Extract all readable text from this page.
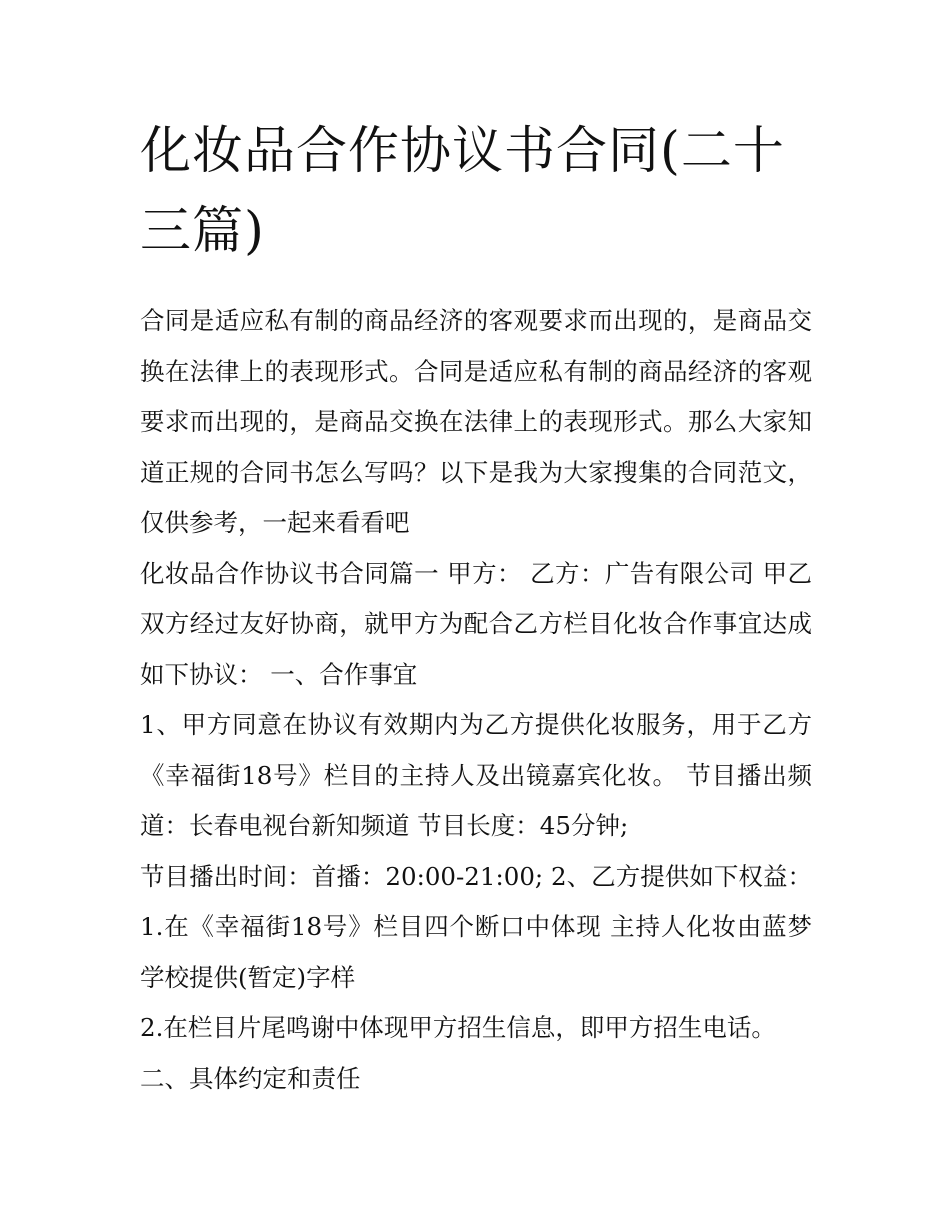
化妆品合作协议书合同(二十三篇)

合同是适应私有制的商品经济的客观要求而出现的，是商品交换在法律上的表现形式。合同是适应私有制的商品经济的客观要求而出现的，是商品交换在法律上的表现形式。那么大家知道正规的合同书怎么写吗？以下是我为大家搜集的合同范文，仅供参考，一起来看看吧

化妆品合作协议书合同篇一 甲方： 乙方：广告有限公司 甲乙双方经过友好协商，就甲方为配合乙方栏目化妆合作事宜达成如下协议： 一、合作事宜

1、甲方同意在协议有效期内为乙方提供化妆服务，用于乙方《幸福街18号》栏目的主持人及出镜嘉宾化妆。 节目播出频道：长春电视台新知频道 节目长度：45分钟;

节目播出时间：首播：20:00-21:00; 2、乙方提供如下权益： 1.在《幸福街18号》栏目四个断口中体现 主持人化妆由蓝梦学校提供(暂定)字样

2.在栏目片尾鸣谢中体现甲方招生信息，即甲方招生电话。

二、具体约定和责任
